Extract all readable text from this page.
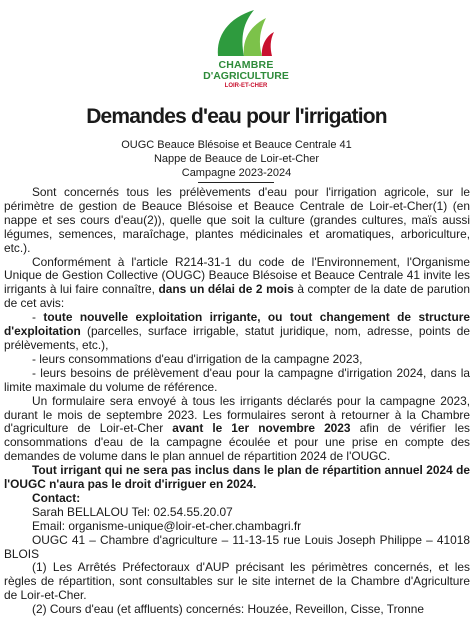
CHAMBRE
D'AGRICULTURE
LOIR-ET-CHER
Demandes d'eau pour l'irrigation
OUGC Beauce Blésoise et Beauce Centrale 41
Nappe de Beauce de Loir-et-Cher
Campagne 2023-2024

Sont concernés tous les prélèvements d'eau pour l'irrigation agricole, sur le périmètre de gestion de Beauce Blésoise et Beauce Centrale de Loir-et-Cher(1) (en nappe et ses cours d'eau(2)), quelle que soit la culture (grandes cultures, maïs aussi légumes, semences, maraîchage, plantes médicinales et aromatiques, arboriculture, etc.).

Conformément à l'article R214-31-1 du code de l'Environnement, l'Organisme Unique de Gestion Collective (OUGC) Beauce Blésoise et Beauce Centrale 41 invite les irrigants à lui faire connaître, dans un délai de 2 mois à compter de la date de parution de cet avis:

- toute nouvelle exploitation irrigante, ou tout changement de structure d'exploitation (parcelles, surface irrigable, statut juridique, nom, adresse, points de prélèvements, etc.),

- leurs consommations d'eau d'irrigation de la campagne 2023,

- leurs besoins de prélèvement d'eau pour la campagne d'irrigation 2024, dans la limite maximale du volume de référence.

Un formulaire sera envoyé à tous les irrigants déclarés pour la campagne 2023, durant le mois de septembre 2023. Les formulaires seront à retourner à la Chambre d'agriculture de Loir-et-Cher avant le 1er novembre 2023 afin de vérifier les consommations d'eau de la campagne écoulée et pour une prise en compte des demandes de volume dans le plan annuel de répartition 2024 de l'OUGC.

Tout irrigant qui ne sera pas inclus dans le plan de répartition annuel 2024 de l'OUGC n'aura pas le droit d'irriguer en 2024.

Contact:

Sarah BELLALOU Tel: 02.54.55.20.07

Email: organisme-unique@loir-et-cher.chambagri.fr

OUGC 41 – Chambre d'agriculture – 11-13-15 rue Louis Joseph Philippe – 41018 BLOIS

(1) Les Arrêtés Préfectoraux d'AUP précisant les périmètres concernés, et les règles de répartition, sont consultables sur le site internet de la Chambre d'Agriculture de Loir-et-Cher.

(2) Cours d'eau (et affluents) concernés: Houzée, Reveillon, Cisse, Tronne
